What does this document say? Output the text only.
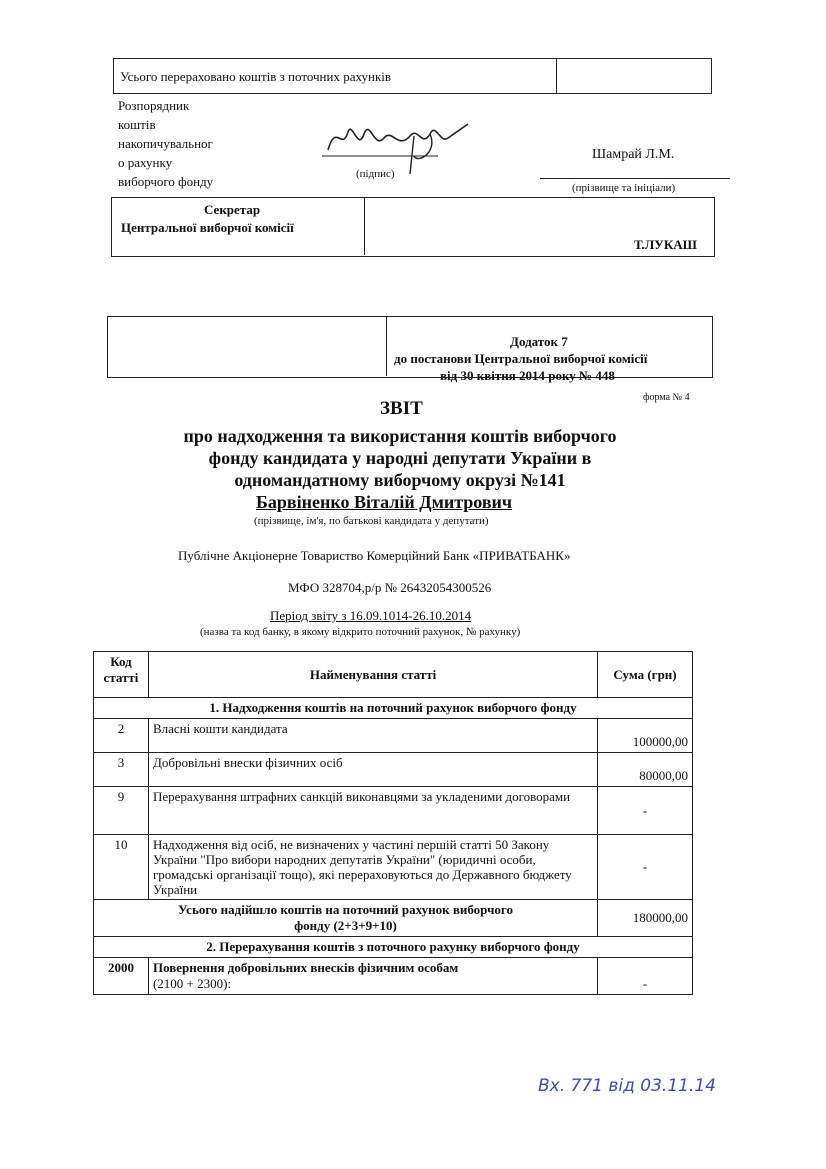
Усього перераховано коштів з поточних рахунків
Розпорядник
коштів
накопичувальног
о рахунку
виборчого фонду	(підпис)
Шамрай Л.М.
(прізвище та ініціали)
Секретар
Центральної виборчої комісії
Т.ЛУКАШ
Додаток 7
до постанови Центральної виборчої комісії
від 30 квітня 2014 року № 448
форма № 4
ЗВІТ
про надходження та використання коштів виборчого
фонду кандидата у народні депутати України в
одномандатному виборчому окрузі №141
Барвіненко Віталій Дмитрович
(прізвище, ім'я, по батькові кандидата у депутати)
Публічне Акціонерне Товариство Комерційний Банк «ПРИВАТБАНК»
МФО 328704,р/р № 26432054300526
Період звіту з 16.09.1014-26.10.2014
(назва та код банку, в якому відкрито поточний рахунок, № рахунку)
Код статті	Найменування статті	Сума (грн)
1. Надходження коштів на поточний рахунок виборчого фонду		
2	Власні кошти кандидата	100000,00
3	Добровільні внески фізичних осіб	80000,00
9	Перерахування штрафних санкцій виконавцями за укладеними договорами	-
10	Надходження від осіб, не визначених у частині першій статті 50 Закону України "Про вибори народних депутатів України" (юридичні особи, громадські організації тощо), які перераховуються до Державного бюджету України	-

Усього надійшло коштів на поточний рахунок виборчого
фонду (2+3+9+10)		180000,00
2. Перерахування коштів з поточного рахунку виборчого фонду		
2000	Повернення добровільних внесків фізичним особам
(2100 + 2300):	-
Вх. 771 від 03.11.14
